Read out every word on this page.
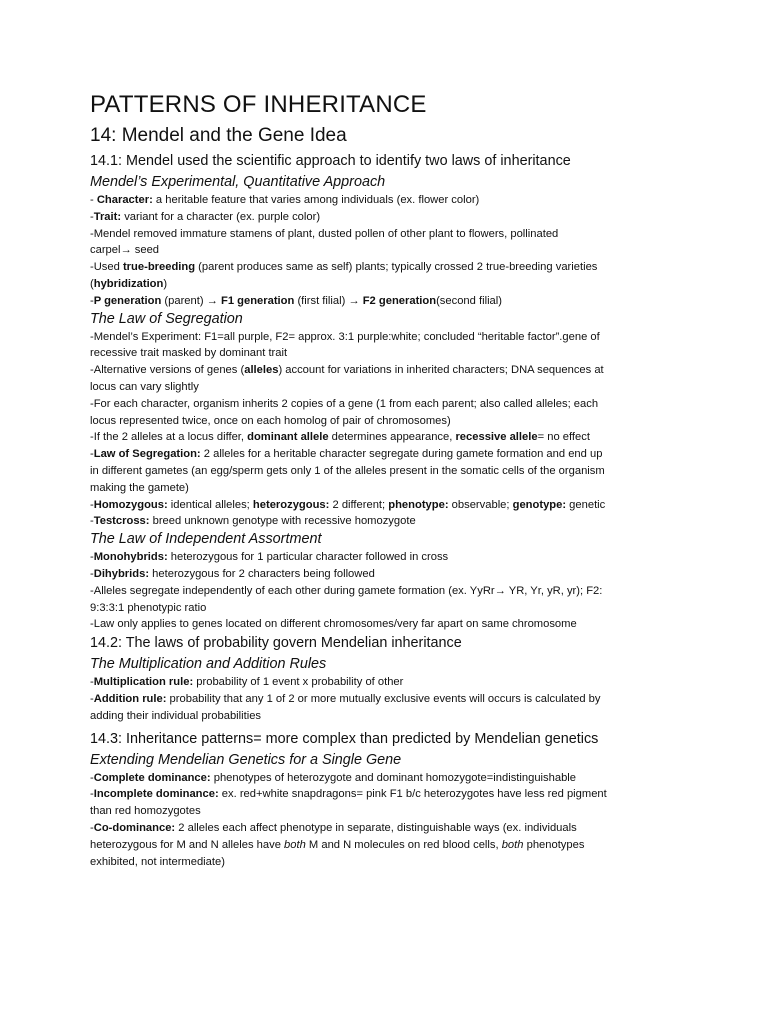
PATTERNS OF INHERITANCE
14: Mendel and the Gene Idea
14.1: Mendel used the scientific approach to identify two laws of inheritance
Mendel’s Experimental, Quantitative Approach

- Character: a heritable feature that varies among individuals (ex. flower color)

-Trait: variant for a character (ex. purple color)

-Mendel removed immature stamens of plant, dusted pollen of other plant to flowers, pollinated

carpel→ seed

-Used true-breeding (parent produces same as self) plants; typically crossed 2 true-breeding varieties

(hybridization)

-P generation (parent) → F1 generation (first filial) → F2 generation(second filial)

The Law of Segregation

-Mendel’s Experiment: F1=all purple, F2= approx. 3:1 purple:white; concluded “heritable factor”.gene of

recessive trait masked by dominant trait

-Alternative versions of genes (alleles) account for variations in inherited characters; DNA sequences at

locus can vary slightly

-For each character, organism inherits 2 copies of a gene (1 from each parent; also called alleles; each

locus represented twice, once on each homolog of pair of chromosomes)

-If the 2 alleles at a locus differ, dominant allele determines appearance, recessive allele= no effect

-Law of Segregation: 2 alleles for a heritable character segregate during gamete formation and end up

in different gametes (an egg/sperm gets only 1 of the alleles present in the somatic cells of the organism

making the gamete)

-Homozygous: identical alleles; heterozygous: 2 different; phenotype: observable; genotype: genetic

-Testcross: breed unknown genotype with recessive homozygote

The Law of Independent Assortment

-Monohybrids: heterozygous for 1 particular character followed in cross

-Dihybrids: heterozygous for 2 characters being followed

-Alleles segregate independently of each other during gamete formation (ex. YyRr→ YR, Yr, yR, yr); F2:

9:3:3:1 phenotypic ratio

-Law only applies to genes located on different chromosomes/very far apart on same chromosome

14.2: The laws of probability govern Mendelian inheritance
The Multiplication and Addition Rules

-Multiplication rule: probability of 1 event x probability of other

-Addition rule: probability that any 1 of 2 or more mutually exclusive events will occurs is calculated by

adding their individual probabilities

14.3: Inheritance patterns= more complex than predicted by Mendelian genetics
Extending Mendelian Genetics for a Single Gene

-Complete dominance: phenotypes of heterozygote and dominant homozygote=indistinguishable

-Incomplete dominance: ex. red+white snapdragons= pink F1 b/c heterozygotes have less red pigment

than red homozygotes

-Co-dominance: 2 alleles each affect phenotype in separate, distinguishable ways (ex. individuals

heterozygous for M and N alleles have both M and N molecules on red blood cells, both phenotypes

exhibited, not intermediate)
